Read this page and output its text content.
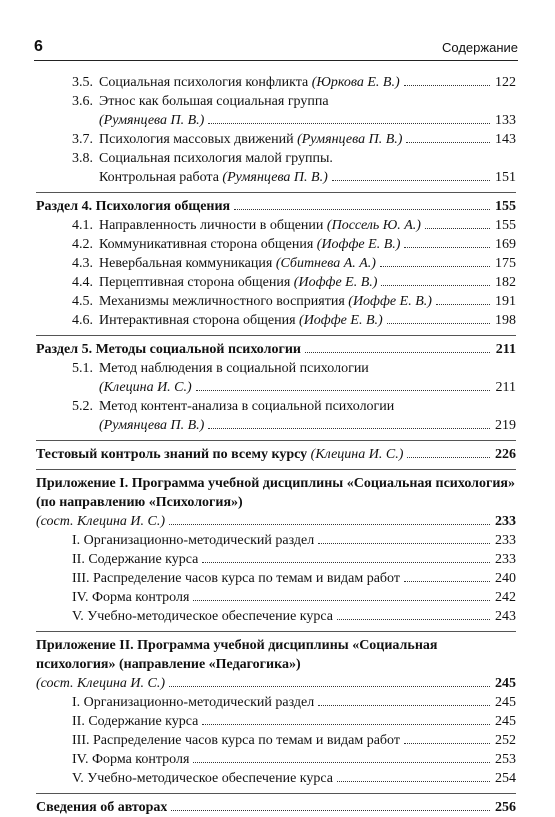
6	Содержание
3.5. Социальная психология конфликта (Юркова Е. В.)	122
3.6. Этнос как большая социальная группа
(Румянцева П. В.)	133
3.7. Психология массовых движений (Румянцева П. В.)	143
3.8. Социальная психология малой группы.
Контрольная работа (Румянцева П. В.)	151
Раздел 4. Психология общения	155
4.1. Направленность личности в общении (Поссель Ю. А.)	155
4.2. Коммуникативная сторона общения (Иоффе Е. В.)	169
4.3. Невербальная коммуникация (Сбитнева А. А.)	175
4.4. Перцептивная сторона общения (Иоффе Е. В.)	182
4.5. Механизмы межличностного восприятия (Иоффе Е. В.)	191
4.6. Интерактивная сторона общения (Иоффе Е. В.)	198
Раздел 5. Методы социальной психологии	211
5.1. Метод наблюдения в социальной психологии
(Клецина И. С.)	211
5.2. Метод контент-анализа в социальной психологии
(Румянцева П. В.)	219
Тестовый контроль знаний по всему курсу (Клецина И. С.)	226
Приложение I. Программа учебной дисциплины «Социальная психология» (по направлению «Психология»)
(сост. Клецина И. С.)	233
I. Организационно-методический раздел	233
II. Содержание курса	233
III. Распределение часов курса по темам и видам работ	240
IV. Форма контроля	242
V. Учебно-методическое обеспечение курса	243
Приложение II. Программа учебной дисциплины «Социальная психология» (направление «Педагогика»)
(сост. Клецина И. С.)	245
I. Организационно-методический раздел	245
II. Содержание курса	245
III. Распределение часов курса по темам и видам работ	252
IV. Форма контроля	253
V. Учебно-методическое обеспечение курса	254
Сведения об авторах	256
